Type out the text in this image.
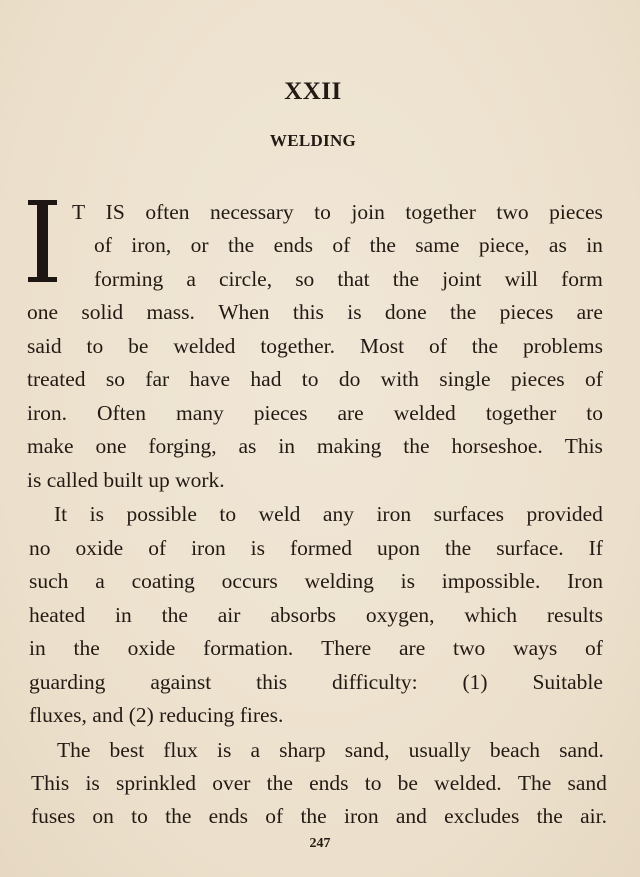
XXII
WELDING
T IS often necessary to join together two pieces
of iron, or the ends of the same piece, as in
forming a circle, so that the joint will form
one solid mass. When this is done the pieces are
said to be welded together. Most of the problems
treated so far have had to do with single pieces of
iron. Often many pieces are welded together to
make one forging, as in making the horseshoe. This
is called built up work.
It is possible to weld any iron surfaces provided
no oxide of iron is formed upon the surface. If
such a coating occurs welding is impossible. Iron
heated in the air absorbs oxygen, which results
in the oxide formation. There are two ways of
guarding against this difficulty: (1) Suitable
fluxes, and (2) reducing fires.
The best flux is a sharp sand, usually beach sand.
This is sprinkled over the ends to be welded. The sand
fuses on to the ends of the iron and excludes the air.
247
